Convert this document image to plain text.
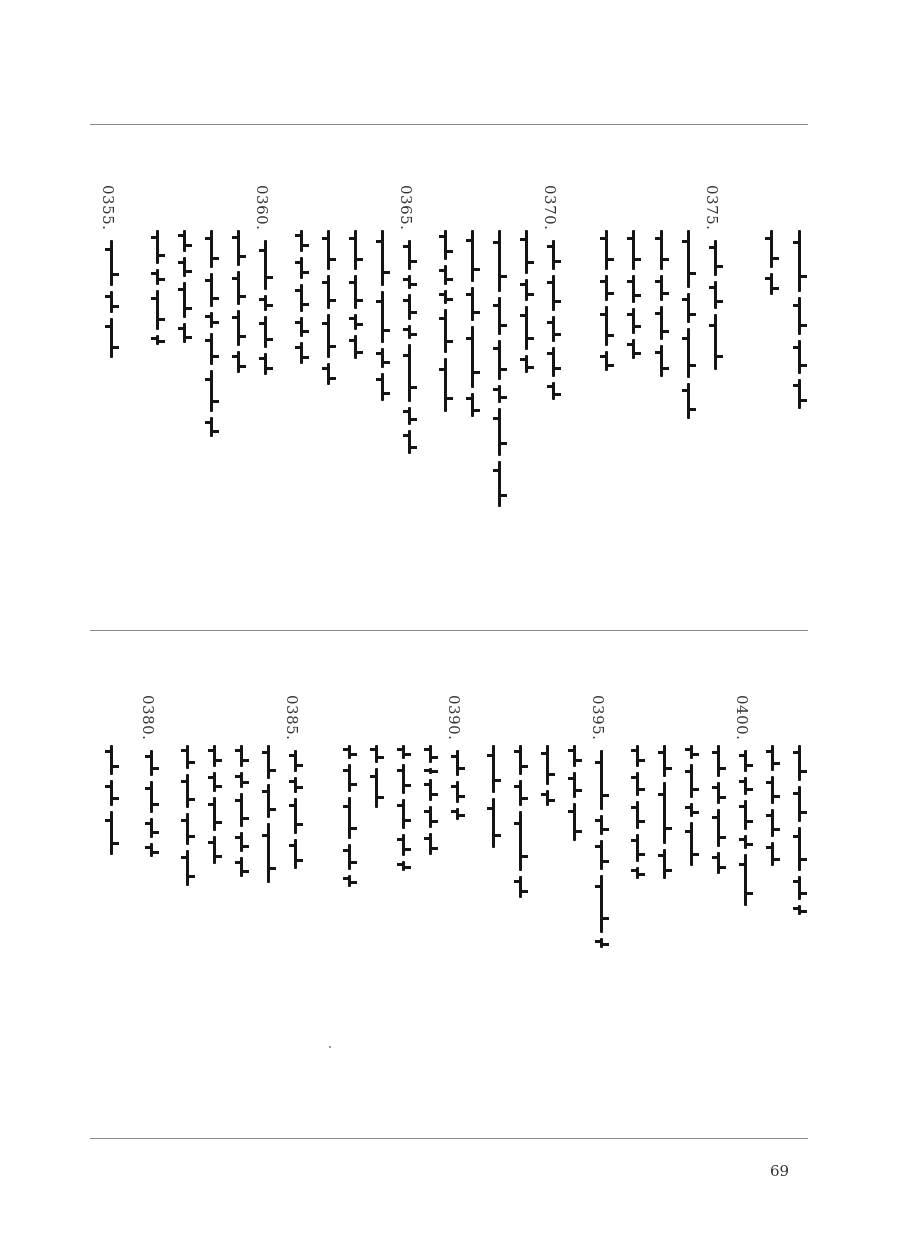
0375.
0370.
0365.
0360.
0355.
0400.
0395.
0390.
0385.
0380.
69
